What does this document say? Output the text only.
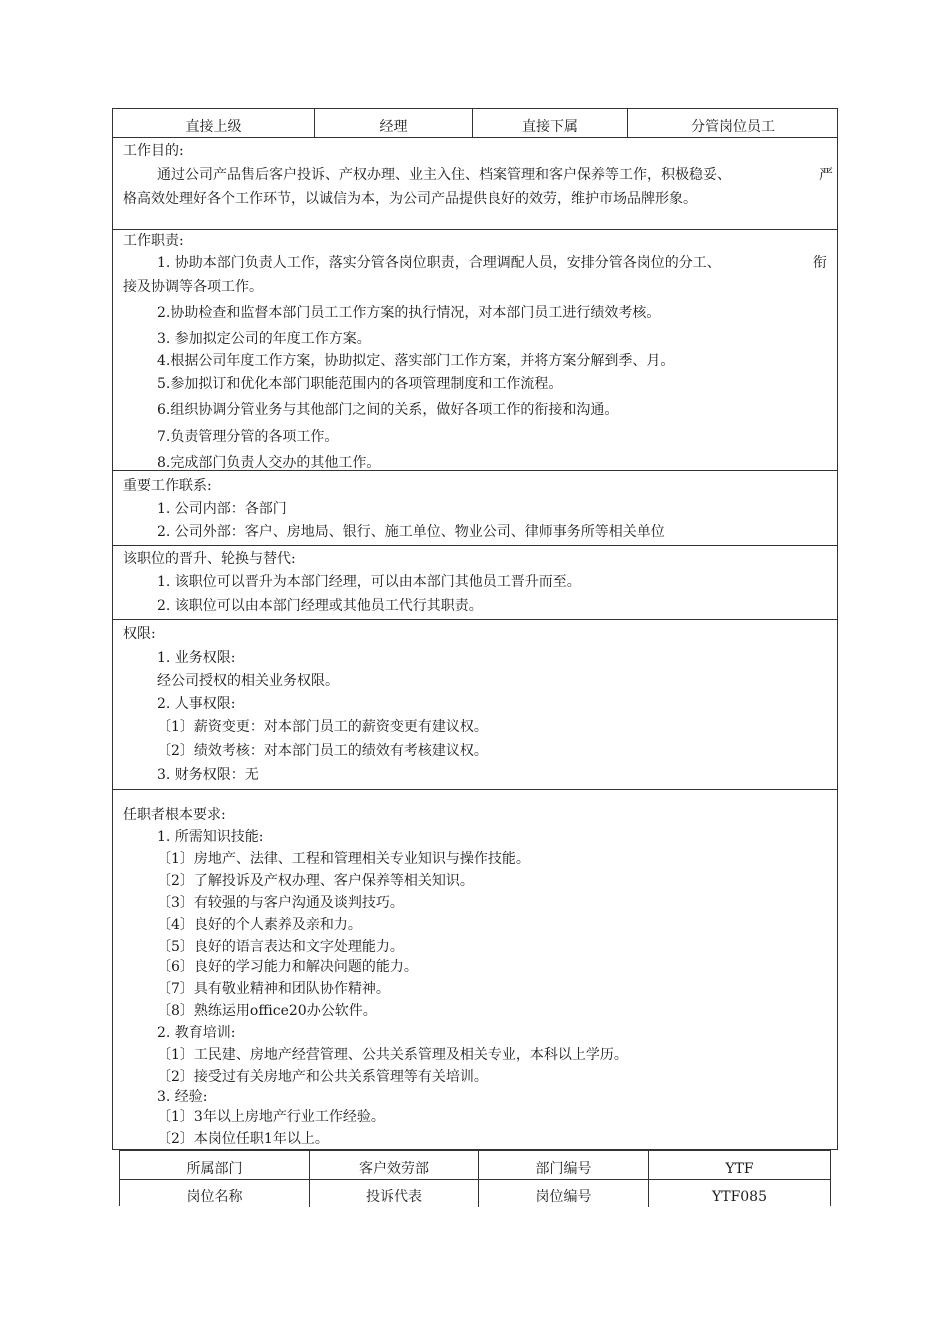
直接上级	经理	直接下属	分管岗位员工
工作目的:
通过公司产品售后客户投诉、产权办理、业主入住、档案管理和客户保养等工作，积极稳妥、	严
格高效处理好各个工作环节，以诚信为本，为公司产品提供良好的效劳，维护市场品牌形象。
工作职责:
1. 协助本部门负责人工作，落实分管各岗位职责，合理调配人员，安排分管各岗位的分工、	衔
接及协调等各项工作。
2.协助检查和监督本部门员工工作方案的执行情况，对本部门员工进行绩效考核。
3. 参加拟定公司的年度工作方案。
4.根据公司年度工作方案，协助拟定、落实部门工作方案，并将方案分解到季、月。
5.参加拟订和优化本部门职能范围内的各项管理制度和工作流程。
6.组织协调分管业务与其他部门之间的关系，做好各项工作的衔接和沟通。
7.负责管理分管的各项工作。
8.完成部门负责人交办的其他工作。
重要工作联系:
1. 公司内部：各部门
2. 公司外部：客户、房地局、银行、施工单位、物业公司、律师事务所等相关单位
该职位的晋升、轮换与替代:
1. 该职位可以晋升为本部门经理，可以由本部门其他员工晋升而至。
2. 该职位可以由本部门经理或其他员工代行其职责。
权限:
1. 业务权限:
经公司授权的相关业务权限。
2. 人事权限:
〔1〕薪资变更：对本部门员工的薪资变更有建议权。
〔2〕绩效考核：对本部门员工的绩效有考核建议权。
3. 财务权限：无
任职者根本要求:
1. 所需知识技能:
〔1〕房地产、法律、工程和管理相关专业知识与操作技能。
〔2〕了解投诉及产权办理、客户保养等相关知识。
〔3〕有较强的与客户沟通及谈判技巧。
〔4〕良好的个人素养及亲和力。
〔5〕良好的语言表达和文字处理能力。
〔6〕良好的学习能力和解决问题的能力。
〔7〕具有敬业精神和团队协作精神。
〔8〕熟练运用office20办公软件。
2. 教育培训:
〔1〕工民建、房地产经营管理、公共关系管理及相关专业，本科以上学历。
〔2〕接受过有关房地产和公共关系管理等有关培训。
3. 经验:
〔1〕3年以上房地产行业工作经验。
〔2〕本岗位任职1年以上。
所属部门	客户效劳部	部门编号	YTF
岗位名称	投诉代表	岗位编号	YTF085
